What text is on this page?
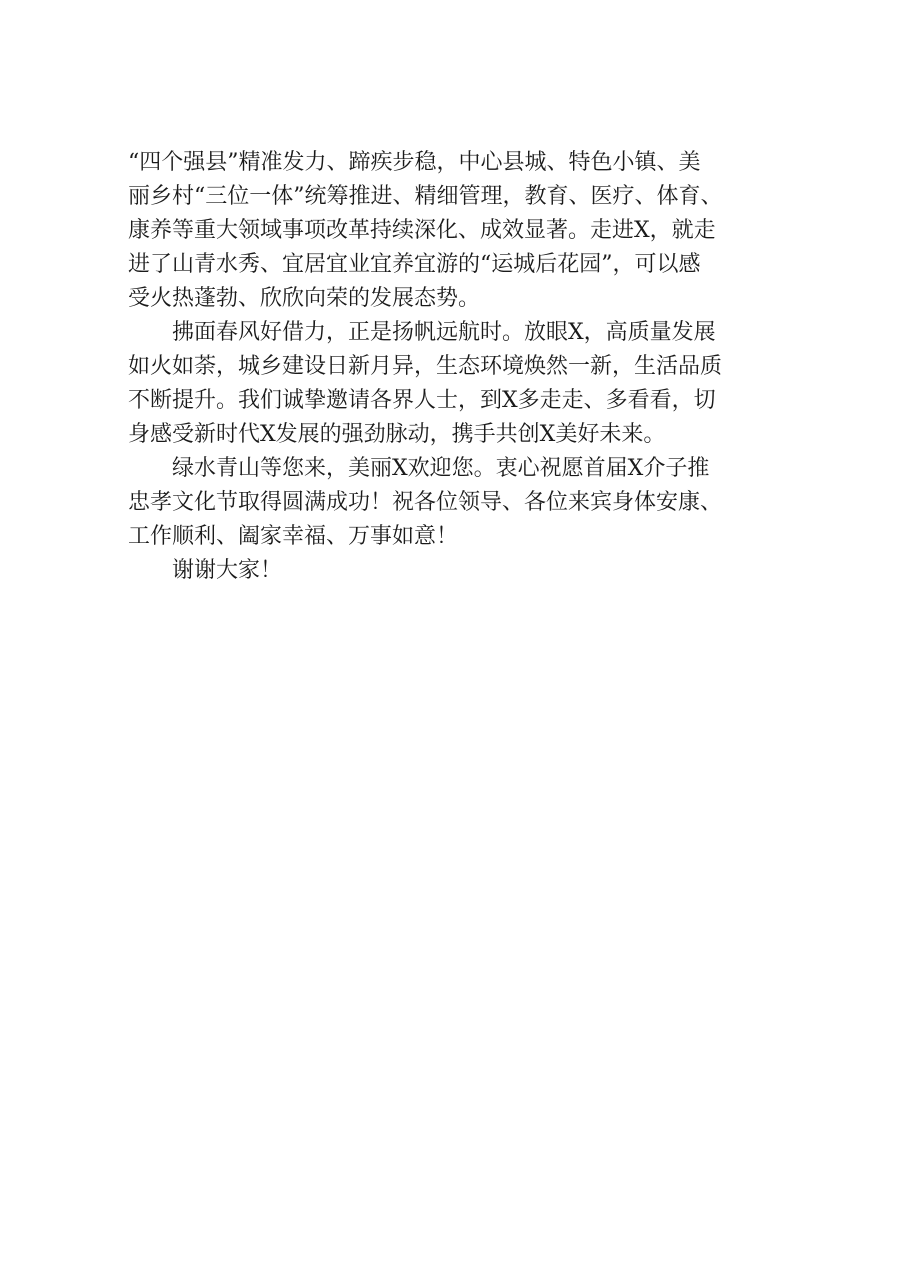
“四个强县”精准发力、蹄疾步稳，中心县城、特色小镇、美
丽乡村“三位一体”统筹推进、精细管理，教育、医疗、体育、
康养等重大领域事项改革持续深化、成效显著。走进X，就走
进了山青水秀、宜居宜业宜养宜游的“运城后花园”，可以感
受火热蓬勃、欣欣向荣的发展态势。
拂面春风好借力，正是扬帆远航时。放眼X，高质量发展
如火如荼，城乡建设日新月异，生态环境焕然一新，生活品质
不断提升。我们诚挚邀请各界人士，到X多走走、多看看，切
身感受新时代X发展的强劲脉动，携手共创X美好未来。
绿水青山等您来，美丽X欢迎您。衷心祝愿首届X介子推
忠孝文化节取得圆满成功！祝各位领导、各位来宾身体安康、
工作顺利、阖家幸福、万事如意！
谢谢大家！
